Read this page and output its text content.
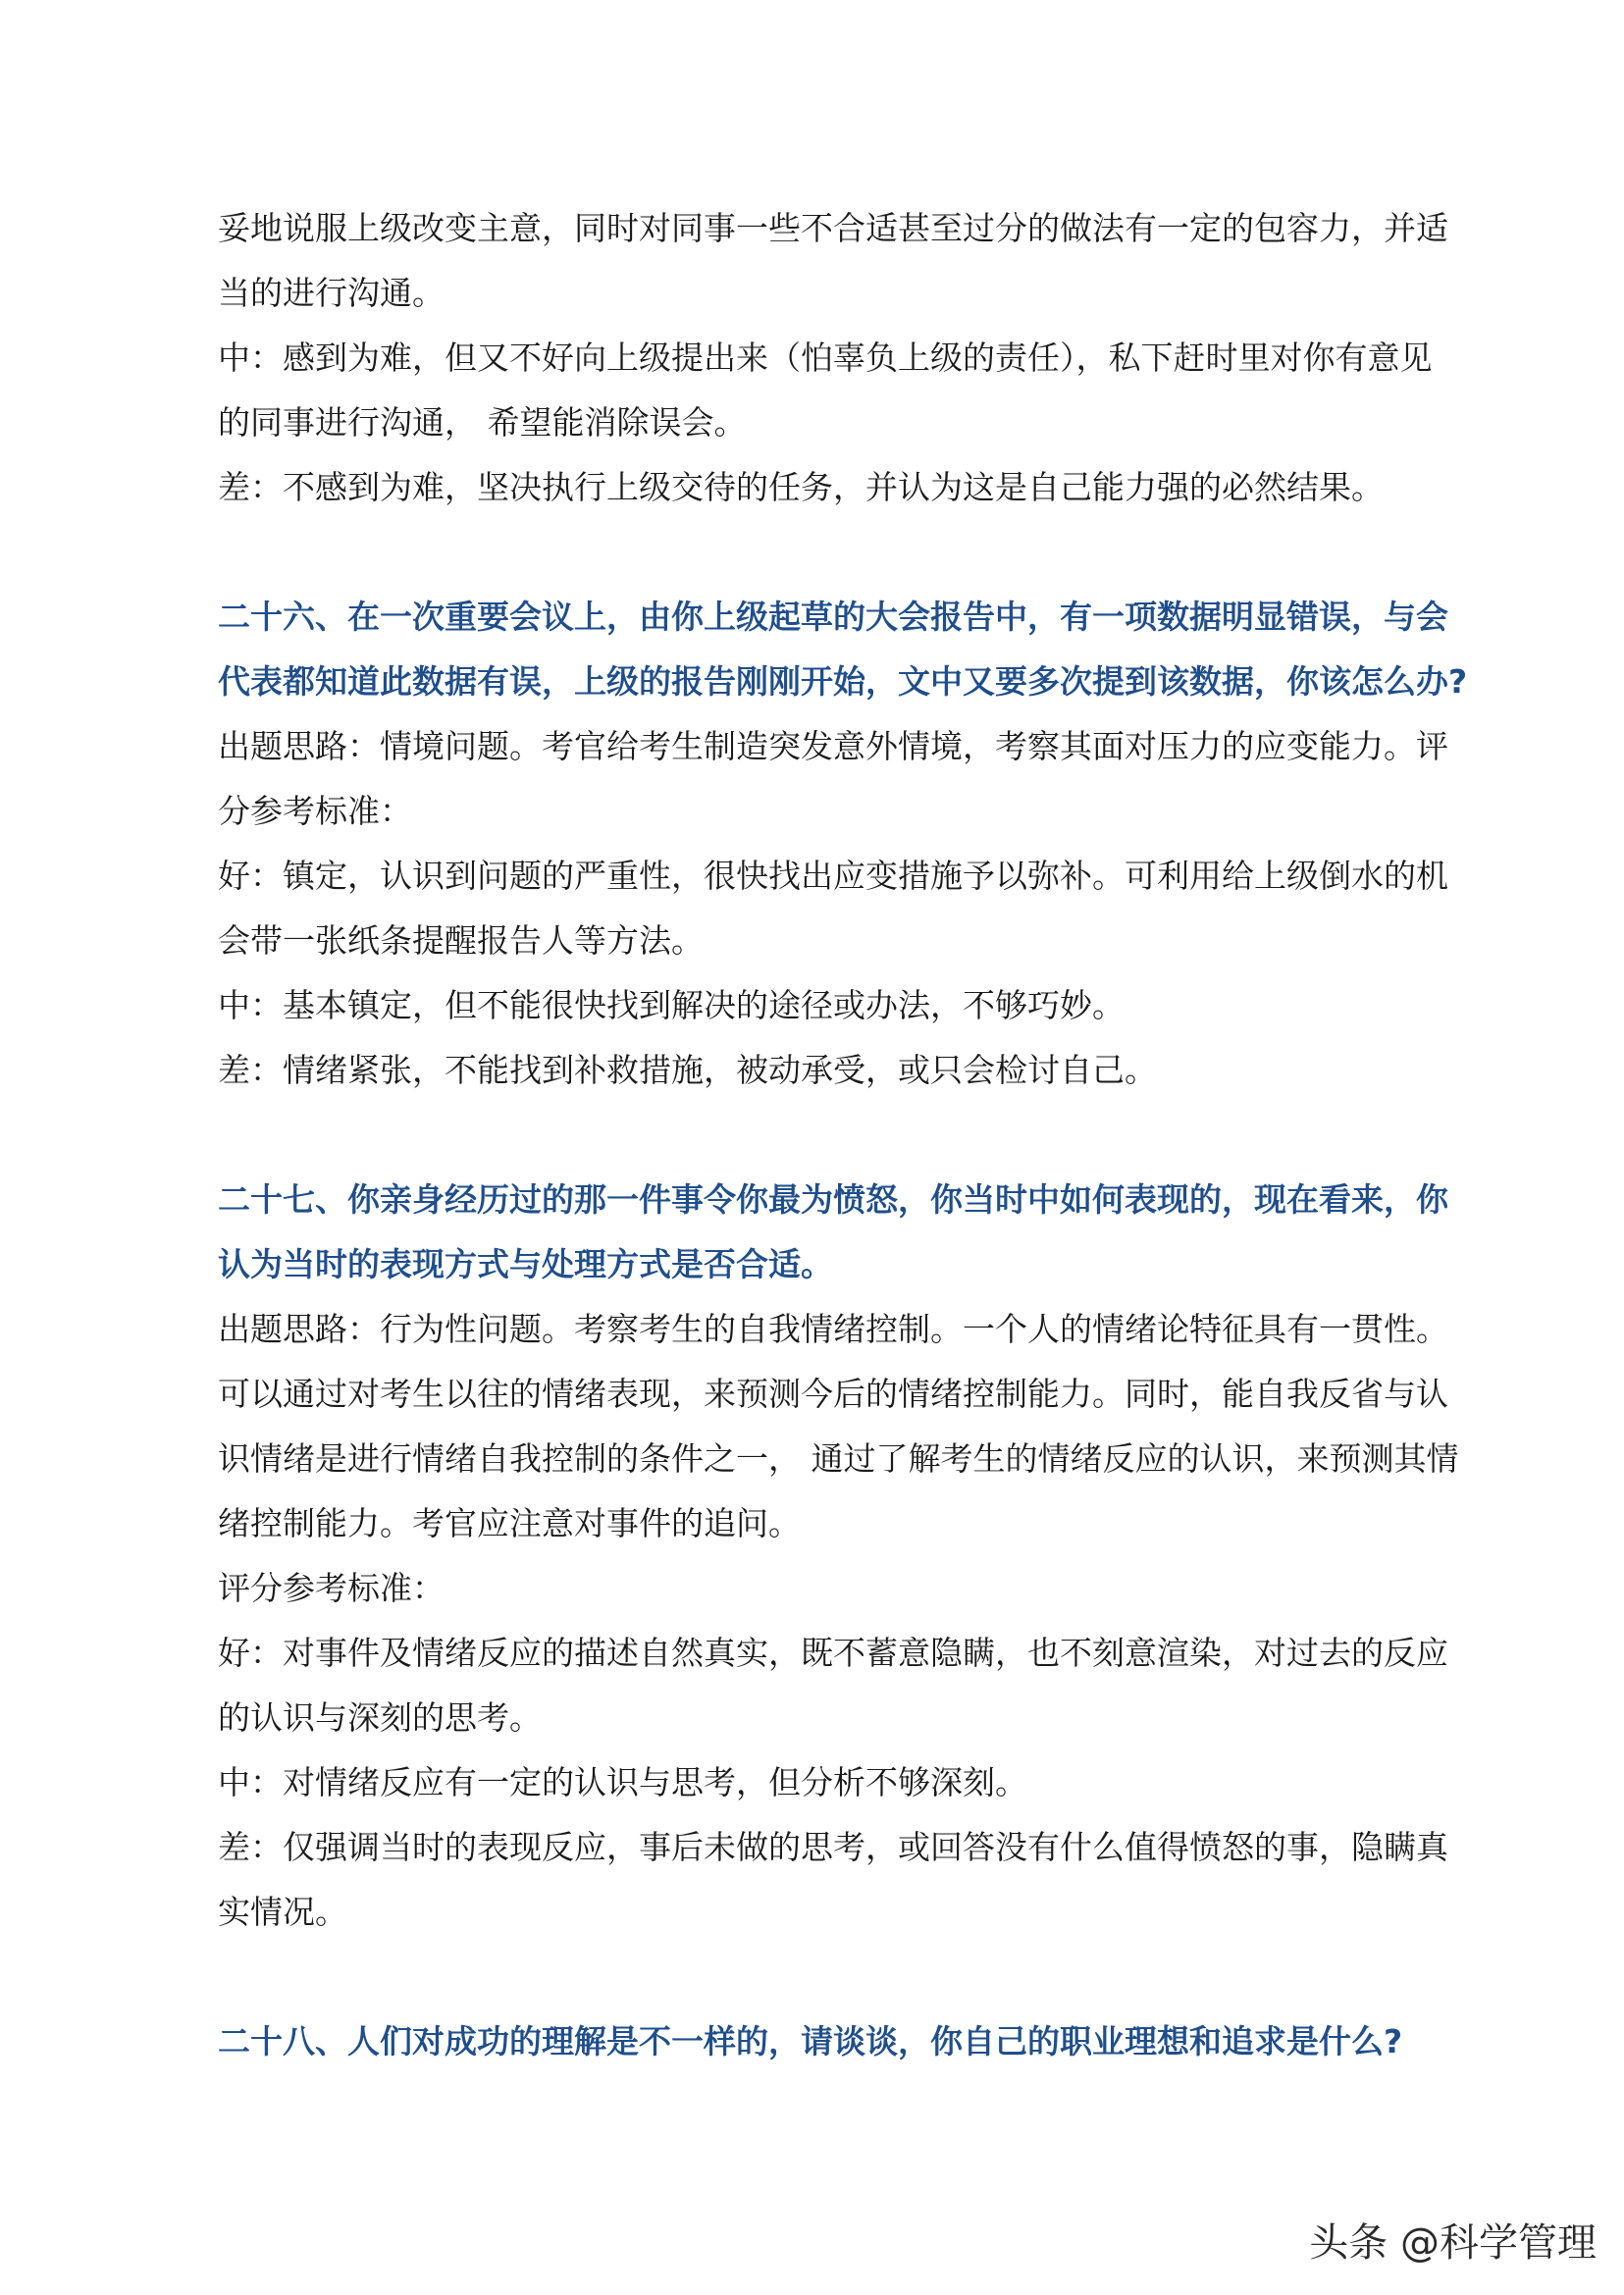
妥地说服上级改变主意，同时对同事一些不合适甚至过分的做法有一定的包容力，并适
当的进行沟通。
中：感到为难，但又不好向上级提出来（怕辜负上级的责任），私下赶时里对你有意见
的同事进行沟通， 希望能消除误会。
差：不感到为难，坚决执行上级交待的任务，并认为这是自己能力强的必然结果。
二十六、在一次重要会议上，由你上级起草的大会报告中，有一项数据明显错误，与会
代表都知道此数据有误，上级的报告刚刚开始，文中又要多次提到该数据，你该怎么办?
出题思路：情境问题。考官给考生制造突发意外情境，考察其面对压力的应变能力。评
分参考标准：
好：镇定，认识到问题的严重性，很快找出应变措施予以弥补。可利用给上级倒水的机
会带一张纸条提醒报告人等方法。
中：基本镇定，但不能很快找到解决的途径或办法，不够巧妙。
差：情绪紧张，不能找到补救措施，被动承受，或只会检讨自己。
二十七、你亲身经历过的那一件事令你最为愤怒，你当时中如何表现的，现在看来，你
认为当时的表现方式与处理方式是否合适。
出题思路：行为性问题。考察考生的自我情绪控制。一个人的情绪论特征具有一贯性。
可以通过对考生以往的情绪表现，来预测今后的情绪控制能力。同时，能自我反省与认
识情绪是进行情绪自我控制的条件之一， 通过了解考生的情绪反应的认识，来预测其情
绪控制能力。考官应注意对事件的追问。
评分参考标准：
好：对事件及情绪反应的描述自然真实，既不蓄意隐瞒，也不刻意渲染，对过去的反应
的认识与深刻的思考。
中：对情绪反应有一定的认识与思考，但分析不够深刻。
差：仅强调当时的表现反应，事后未做的思考，或回答没有什么值得愤怒的事，隐瞒真
实情况。
二十八、人们对成功的理解是不一样的，请谈谈，你自己的职业理想和追求是什么?
头条 @科学管理
